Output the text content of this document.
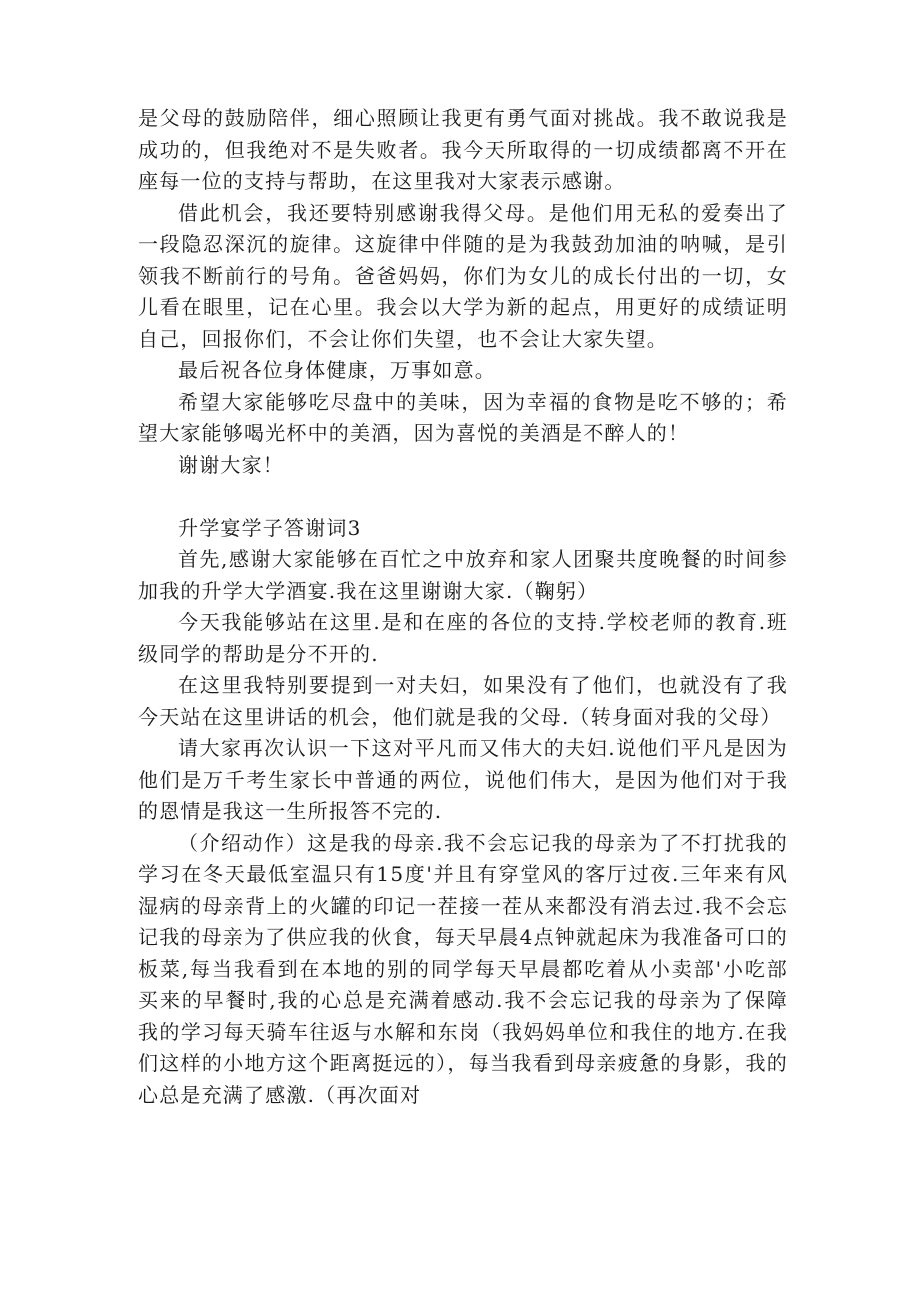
是父母的鼓励陪伴，细心照顾让我更有勇气面对挑战。我不敢说我是成功的，但我绝对不是失败者。我今天所取得的一切成绩都离不开在座每一位的支持与帮助，在这里我对大家表示感谢。

借此机会，我还要特别感谢我得父母。是他们用无私的爱奏出了一段隐忍深沉的旋律。这旋律中伴随的是为我鼓劲加油的呐喊，是引领我不断前行的号角。爸爸妈妈，你们为女儿的成长付出的一切，女儿看在眼里，记在心里。我会以大学为新的起点，用更好的成绩证明自己，回报你们，不会让你们失望，也不会让大家失望。

最后祝各位身体健康，万事如意。

希望大家能够吃尽盘中的美味，因为幸福的食物是吃不够的；希望大家能够喝光杯中的美酒，因为喜悦的美酒是不醉人的！

谢谢大家！

升学宴学子答谢词3

首先,感谢大家能够在百忙之中放弃和家人团聚共度晚餐的时间参加我的升学大学酒宴.我在这里谢谢大家.（鞠躬）

今天我能够站在这里.是和在座的各位的支持.学校老师的教育.班级同学的帮助是分不开的.

在这里我特别要提到一对夫妇，如果没有了他们，也就没有了我今天站在这里讲话的机会，他们就是我的父母.（转身面对我的父母）

请大家再次认识一下这对平凡而又伟大的夫妇.说他们平凡是因为他们是万千考生家长中普通的两位，说他们伟大，是因为他们对于我的恩情是我这一生所报答不完的.

（介绍动作）这是我的母亲.我不会忘记我的母亲为了不打扰我的学习在冬天最低室温只有15度'并且有穿堂风的客厅过夜.三年来有风湿病的母亲背上的火罐的印记一茬接一茬从来都没有消去过.我不会忘记我的母亲为了供应我的伙食，每天早晨4点钟就起床为我准备可口的板菜,每当我看到在本地的别的同学每天早晨都吃着从小卖部'小吃部买来的早餐时,我的心总是充满着感动.我不会忘记我的母亲为了保障我的学习每天骑车往返与水解和东岗（我妈妈单位和我住的地方.在我们这样的小地方这个距离挺远的），每当我看到母亲疲惫的身影，我的心总是充满了感激.（再次面对
